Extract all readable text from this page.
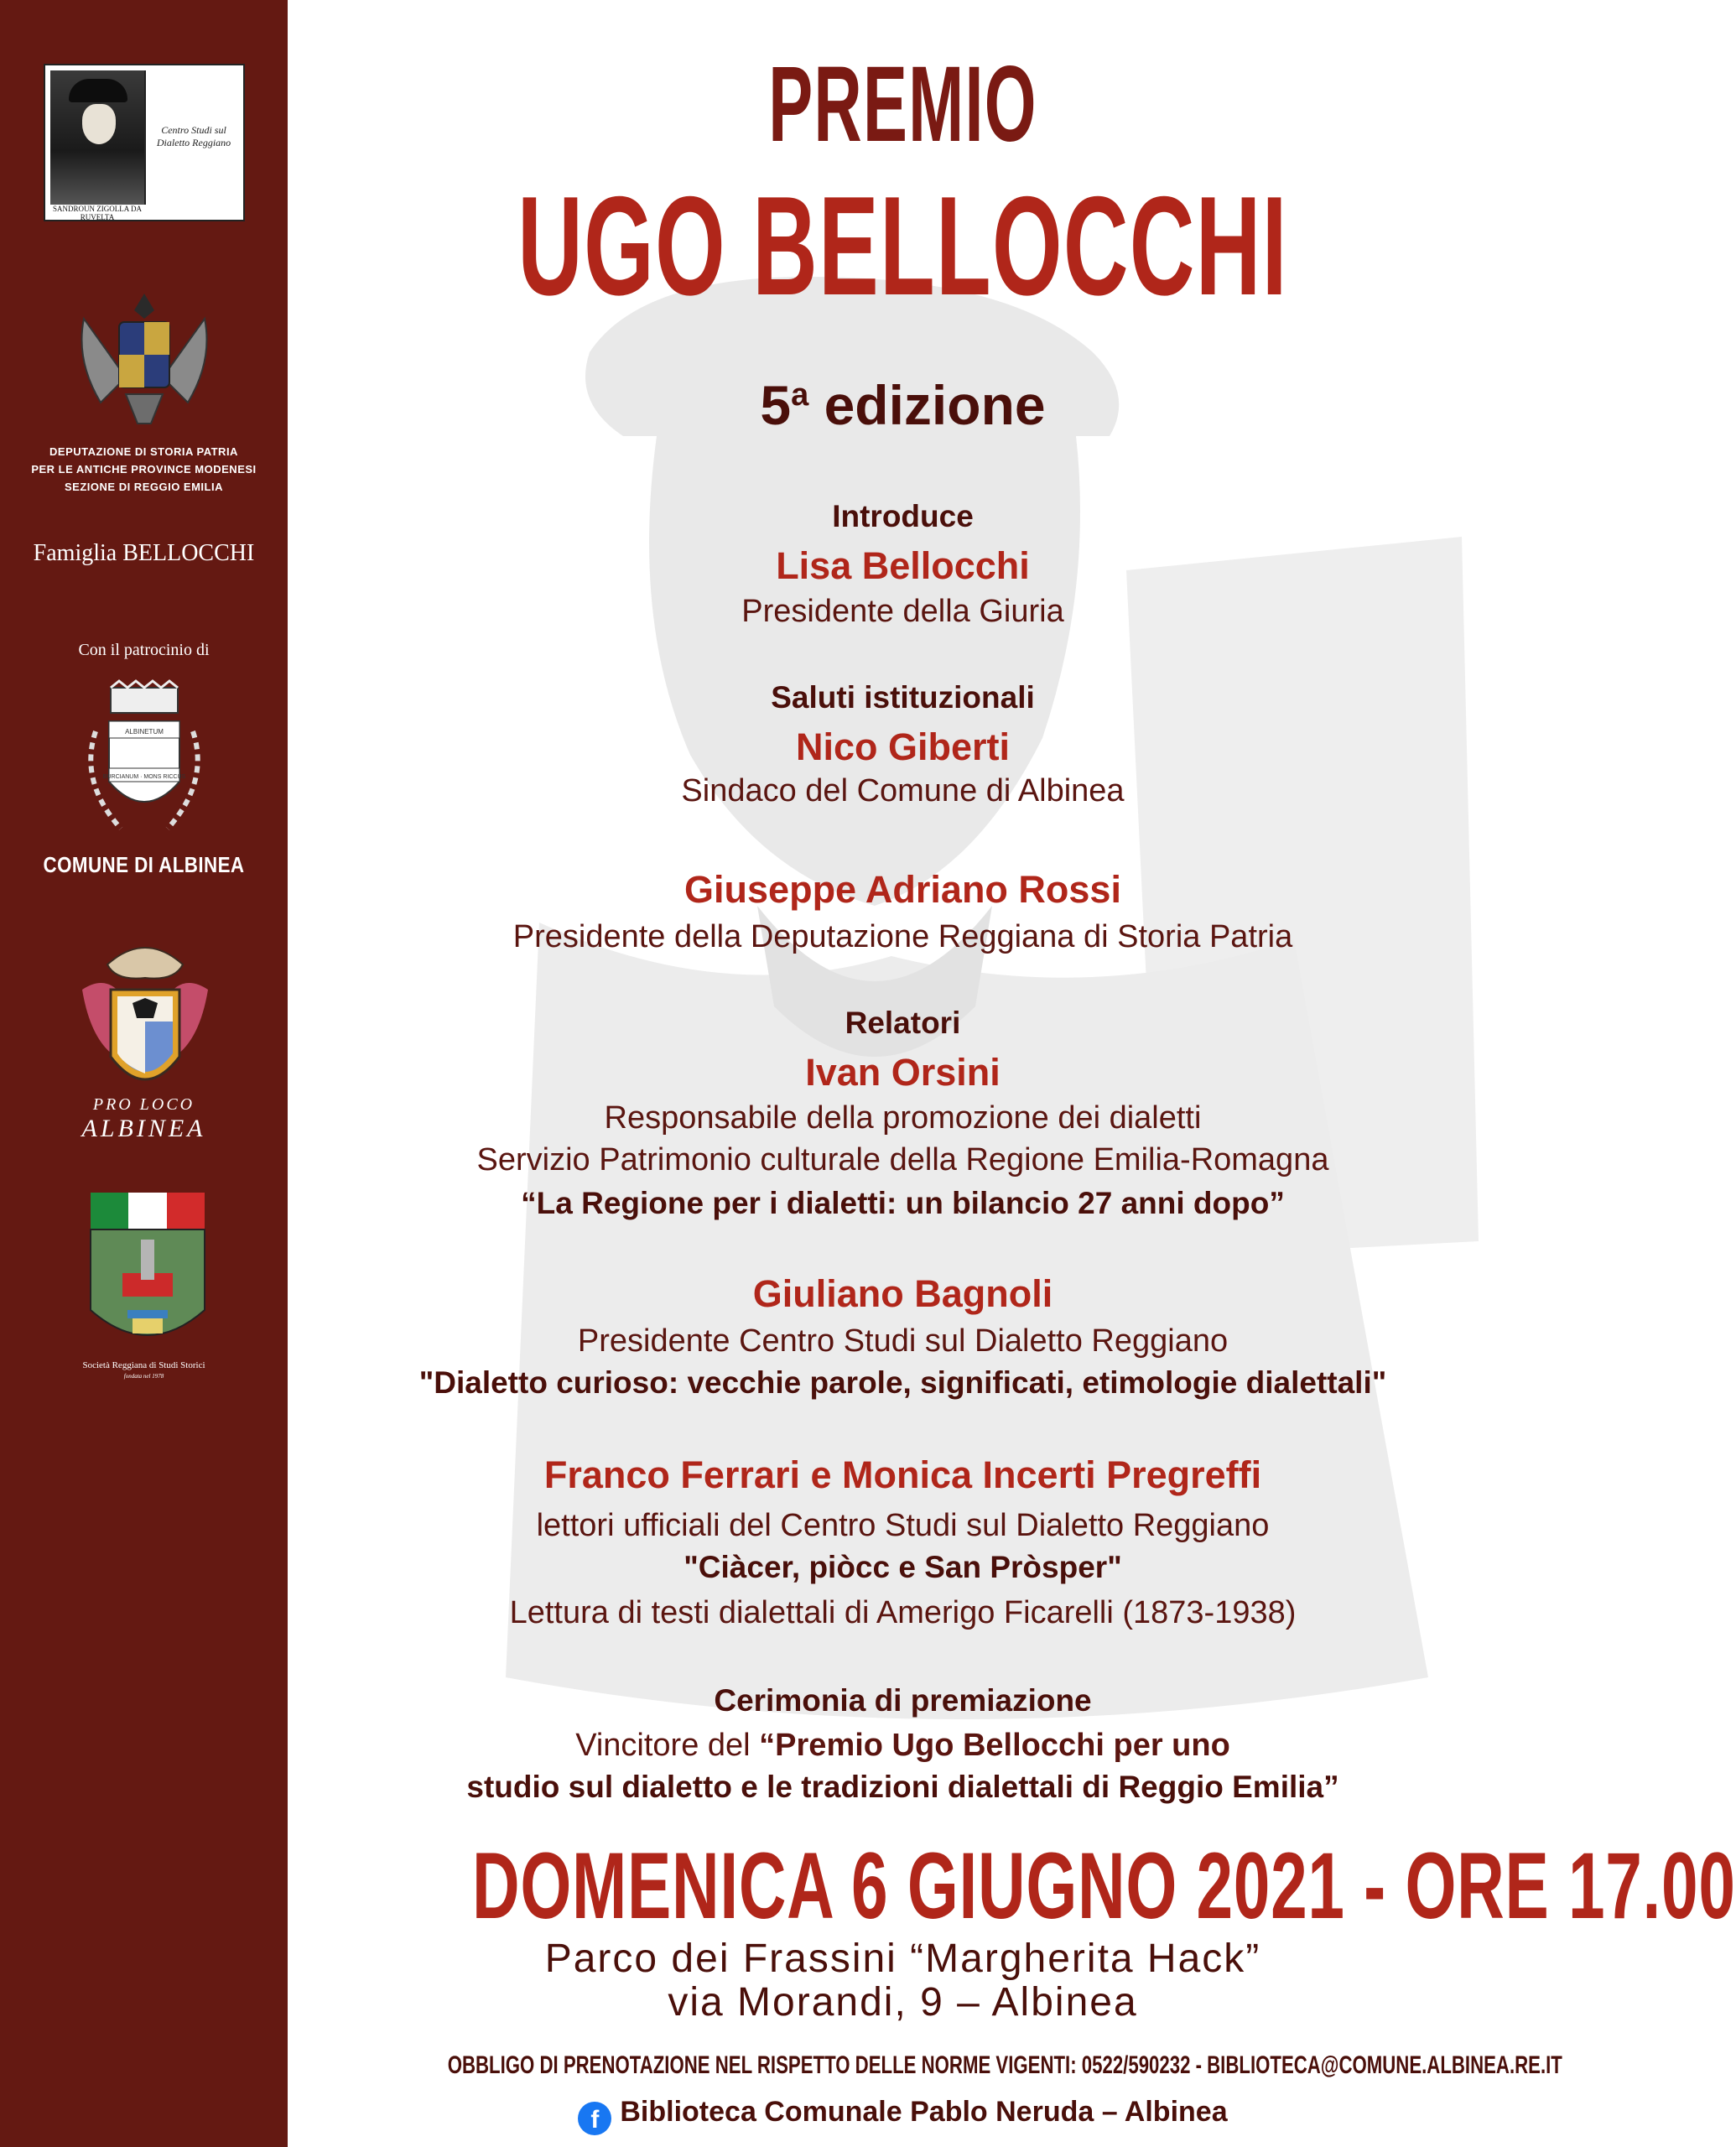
SANDROUN ZIGOLLA DA RUVELTA
Centro Studi sul Dialetto Reggiano
DEPUTAZIONE DI STORIA PATRIA
PER LE ANTICHE PROVINCE MODENESI
SEZIONE DI REGGIO EMILIA
Famiglia BELLOCCHI
Con il patrocinio di
ALBINETUM
BURCIANUM · MONS RICCUS
COMUNE DI ALBINEA
PRO LOCO
ALBINEA
Società Reggiana di Studi Storici
fondata nel 1978
PREMIO
UGO BELLOCCHI
5$^a$ edizione
Introduce
Lisa Bellocchi
Presidente della Giuria
Saluti istituzionali
Nico Giberti
Sindaco del Comune di Albinea
Giuseppe Adriano Rossi
Presidente della Deputazione Reggiana di Storia Patria
Relatori
Ivan Orsini
Responsabile della promozione dei dialetti
Servizio Patrimonio culturale della Regione Emilia-Romagna
“La Regione per i dialetti: un bilancio 27 anni dopo”
Giuliano Bagnoli
Presidente Centro Studi sul Dialetto Reggiano
"Dialetto curioso: vecchie parole, significati, etimologie dialettali"
Franco Ferrari e Monica Incerti Pregreffi
lettori ufficiali del Centro Studi sul Dialetto Reggiano
"Ciàcer, piòcc e San Pròsper"
Lettura di testi dialettali di Amerigo Ficarelli (1873-1938)
Cerimonia di premiazione
Vincitore del “Premio Ugo Bellocchi per uno
studio sul dialetto e le tradizioni dialettali di Reggio Emilia”
DOMENICA 6 GIUGNO 2021 - ORE 17.00
Parco dei Frassini “Margherita Hack”
via Morandi, 9 – Albinea
OBBLIGO DI PRENOTAZIONE NEL RISPETTO DELLE NORME VIGENTI: 0522/590232 - BIBLIOTECA@COMUNE.ALBINEA.RE.IT
f Biblioteca Comunale Pablo Neruda – Albinea
